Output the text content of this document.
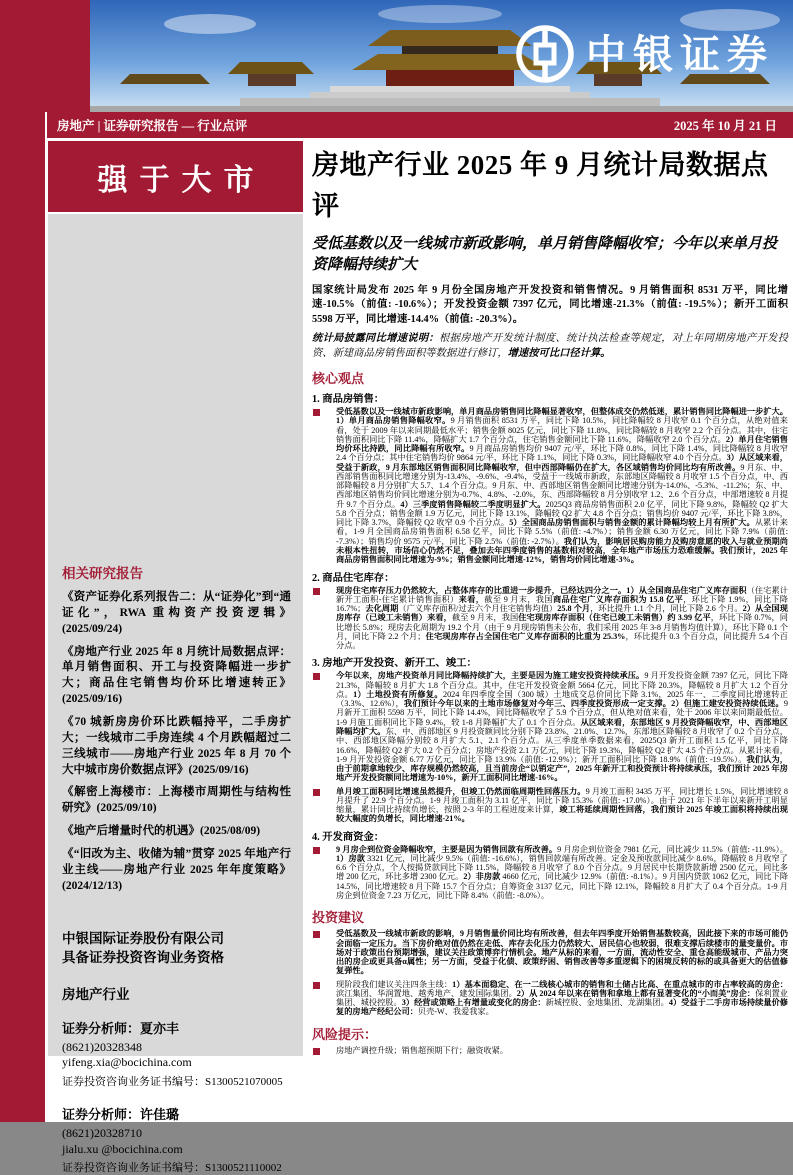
中银证券
房地产 | 证券研究报告 — 行业点评	2025 年 10 月 21 日
强于大市
相关研究报告
《资产证券化系列报告二：从“证券化”到“通证化”，RWA 重构资产投资逻辑》(2025/09/24)
《房地产行业 2025 年 8 月统计局数据点评：单月销售面积、开工与投资降幅进一步扩大；商品住宅销售均价环比增速转正》(2025/09/16)
《70 城新房房价环比跌幅持平，二手房扩大；一线城市二手房连续 4 个月跌幅超过二三线城市——房地产行业 2025 年 8 月 70 个大中城市房价数据点评》(2025/09/16)
《解密上海楼市：上海楼市周期性与结构性研究》(2025/09/10)
《地产后增量时代的机遇》(2025/08/09)
《“旧改为主、收储为辅”贯穿 2025 年地产行业主线——房地产行业 2025 年年度策略》(2024/12/13)
中银国际证券股份有限公司
具备证券投资咨询业务资格
房地产行业
证券分析师：夏亦丰
(8621)20328348
yifeng.xia@bocichina.com
证券投资咨询业务证书编号：S1300521070005
证券分析师：许佳璐
(8621)20328710
jialu.xu @bocichina.com
证券投资咨询业务证书编号：S1300521110002
房地产行业 2025 年 9 月统计局数据点评
受低基数以及一线城市新政影响，单月销售降幅收窄；今年以来单月投资降幅持续扩大
国家统计局发布 2025 年 9 月份全国房地产开发投资和销售情况。9 月销售面积 8531 万平，同比增速-10.5%（前值: -10.6%）；开发投资金额 7397 亿元，同比增速-21.3%（前值: -19.5%）；新开工面积 5598 万平，同比增速-14.4%（前值: -20.3%）。
统计局披露同比增速说明：根据房地产开发统计制度、统计执法检查等规定，对上年同期房地产开发投资、新建商品房销售面积等数据进行修订，增速按可比口径计算。
核心观点
1. 商品房销售：

受低基数以及一线城市新政影响，单月商品房销售同比降幅显著收窄，但整体成交仍然低迷，累计销售同比降幅进一步扩大。1）单月商品房销售降幅收窄。9 月销售面积 8531 万平，同比下降 10.5%，同比降幅较 8 月收窄 0.1 个百分点，从绝对值来看，处于 2009 年以来同期最低水平；销售金额 8025 亿元，同比下降 11.8%，同比降幅较 8 月收窄 2.2 个百分点。其中，住宅销售面积同比下降 11.4%，降幅扩大 1.7 个百分点，住宅销售金额同比下降 11.6%，降幅收窄 2.0 个百分点。2）单月住宅销售均价环比持跌，同比降幅有所收窄。9 月商品房销售均价 9407 元/平，环比下降 0.8%，同比下降 1.4%，同比降幅较 8 月收窄 2.4 个百分点；其中住宅销售均价 9864 元/平，环比下降 1.1%，同比下降 0.3%，同比降幅收窄 4.0 个百分点。3）从区域来看，受益于新政，9 月东部地区销售面积同比降幅收窄，但中西部降幅仍在扩大，各区域销售均价同比均有所改善。9 月东、中、西部销售面积同比增速分别为-13.4%、-9.6%、-9.4%，受益于一线城市新政，东部地区降幅较 8 月收窄 1.5 个百分点，中、西部降幅较 8 月分别扩大 5.7、1.4 个百分点。9 月东、中、西部地区销售金额同比增速分别为-14.0%、-5.3%、-11.2%；东、中、西部地区销售均价同比增速分别为-0.7%、4.8%、-2.0%，东、西部降幅较 8 月分别收窄 1.2、2.6 个百分点，中部增速较 8 月提升 9.7 个百分点。4）三季度销售降幅较二季度明显扩大。2025Q3 商品房销售面积 2.0 亿平，同比下降 9.8%，降幅较 Q2 扩大 5.8 个百分点；销售金额 1.9 万亿元，同比下降 13.1%，降幅较 Q2 扩大 4.8 个百分点；销售均价 9407 元/平，环比下降 3.8%，同比下降 3.7%，降幅较 Q2 收窄 0.9 个百分点。5）全国商品房销售面积与销售金额的累计降幅均较上月有所扩大。从累计来看，1-9 月全国商品房销售面积 6.58 亿平，同比下降 5.5%（前值: -4.7%）；销售金额 6.30 万亿元，同比下降 7.9%（前值: -7.3%）；销售均价 9575 元/平，同比下降 2.5%（前值: -2.7%）。我们认为，影响居民购房能力及购房意愿的收入与就业预期尚未根本性扭转，市场信心仍然不足，叠加去年四季度销售的基数相对较高，全年地产市场压力恐难缓解。我们预计，2025 年商品房销售面积同比增速为-9%；销售金额同比增速-12%，销售均价同比增速-3%。

2. 商品住宅库存：

现房住宅库存压力仍然较大，占整体库存的比重进一步提升，已经达四分之一。1）从全国商品住宅广义库存面积（住宅累计新开工面积-住宅累计销售面积）来看，截至 9 月末，我国商品住宅广义库存面积为 15.8 亿平，环比下降 1.9%，同比下降 16.7%；去化周期（广义库存面积/过去六个月住宅销售均值）25.8 个月，环比提升 1.1 个月，同比下降 2.6 个月。2）从全国现房库存（已竣工未销售）来看，截至 9 月末，我国住宅现房库存面积（住宅已竣工未销售）约 3.99 亿平，环比下降 0.7%，同比增长 5.8%；现房去化周期为 19.2 个月（由于 9 月现房销售未公布，我们采用 2025 年 3-8 月销售均值计算），环比下降 0.1 个月，同比下降 2.2 个月；住宅现房库存占全国住宅广义库存面积的比重为 25.3%，环比提升 0.3 个百分点，同比提升 5.4 个百分点。

3. 房地产开发投资、新开工、竣工：

今年以来，房地产投资单月同比降幅持续扩大，主要是因为施工建安投资持续承压。9 月开发投资金额 7397 亿元，同比下降 21.3%，降幅较 8 月扩大 1.8 个百分点。其中，住宅开发投资金额 5664 亿元，同比下降 20.3%，降幅较 8 月扩大 1.2 个百分点。1）土地投资有所修复。2024 年四季度全国（300 城）土地成交总价同比下降 3.1%，2025 年一、二季度同比增速转正（3.3%、12.6%），我们预计今年以来的土地市场修复对今年三、四季度投资形成一定支撑。2）但施工建安投资持续低迷。9 月新开工面积 5598 万平，同比下降 14.4%，同比降幅收窄了 5.9 个百分点，但从绝对值来看，处于 2006 年以来同期最低位。1-9 月施工面积同比下降 9.4%，较 1-8 月降幅扩大了 0.1 个百分点。从区域来看，东部地区 9 月投资降幅收窄，中、西部地区降幅均扩大。东、中、西部地区 9 月投资额同比分别下降 23.8%、21.0%、12.7%，东部地区降幅较 8 月收窄了 0.2 个百分点，中、西部地区降幅分别较 8 月扩大 5.1、2.1 个百分点。从三季度单季数据来看，2025Q3 新开工面积 1.5 亿平，同比下降 16.6%，降幅较 Q2 扩大 0.2 个百分点；房地产投资 2.1 万亿元，同比下降 19.3%，降幅较 Q2 扩大 4.5 个百分点。从累计来看，1-9 月开发投资金额 6.77 万亿元，同比下降 13.9%（前值: -12.9%）；新开工面积同比下降 18.9%（前值: -19.5%）。我们认为，由于前期拿地较少、库存规模仍然较高，且当前房企“以销定产”，2025 年新开工和投资预计将持续承压，我们预计 2025 年房地产开发投资额同比增速为-10%，新开工面积同比增速-16%。

单月竣工面积同比增速虽然提升，但竣工仍然面临周期性回落压力。9 月竣工面积 3435 万平，同比增长 1.5%，同比增速较 8 月提升了 22.9 个百分点。1-9 月竣工面积为 3.11 亿平，同比下降 15.3%（前值: -17.0%）。由于 2021 年下半年以来新开工明显缩量，累计同比持续负增长，按照 2-3 年的工程进度来计算，竣工将延续周期性回落，我们预计 2025 年竣工面积将持续出现较大幅度的负增长，同比增速-21%。

4. 开发商资金：

9 月房企到位资金降幅收窄，主要是因为销售回款有所改善。9 月房企到位资金 7981 亿元，同比减少 11.5%（前值: -11.9%）。1）房款 3321 亿元，同比减少 9.5%（前值: -16.6%），销售回款端有所改善。定金及预收款同比减少 8.6%，降幅较 8 月收窄了 6.6 个百分点，个人按揭贷款同比下降 11.5%，降幅较 8 月收窄了 8.0 个百分点。9 月居民中长期贷款新增 2500 亿元，同比多增 200 亿元，环比多增 2300 亿元。2）非房款 4660 亿元，同比减少 12.9%（前值: -8.1%）。9 月国内贷款 1062 亿元，同比下降 14.5%，同比增速较 8 月下降 15.7 个百分点；自筹资金 3137 亿元，同比下降 12.1%，降幅较 8 月扩大了 0.4 个百分点。1-9 月房企到位资金 7.23 万亿元，同比下降 8.4%（前值: -8.0%）。

投资建议

受低基数及一线城市新政的影响，9 月销售量价同比均有所改善，但去年四季度开始销售基数较高，因此接下来的市场可能仍会面临一定压力。当下房价绝对值仍然在走低、库存去化压力仍然较大、居民信心也较弱，很难支撑后续楼市的量变量价。市场对于政策出台预期增强，建议关注政策博弈行情机会。地产从标的来看，一方面，流动性安全、重仓高能级城市、产品力突出的房企或更具备α属性；另一方面，受益于化债、政策纾困、销售改善等多重逻辑下的困境反转的标的或具备更大的估值修复弹性。

现阶段我们建议关注四条主线：1）基本面稳定、在一二线核心城市的销售和土储占比高、在重点城市的市占率较高的房企：滨江集团、华润置地、越秀地产、建发国际集团。2）从 2024 年以来在销售和拿地上都有显著变化的“小而美”房企：保利置业集团、城投控股。3）经营或策略上有增量或变化的房企：新城控股、金地集团、龙湖集团。4）受益于二手房市场持续量价修复的房地产经纪公司：贝壳-W、我爱我家。

风险提示：

房地产调控升级；销售超预期下行；融资收紧。
